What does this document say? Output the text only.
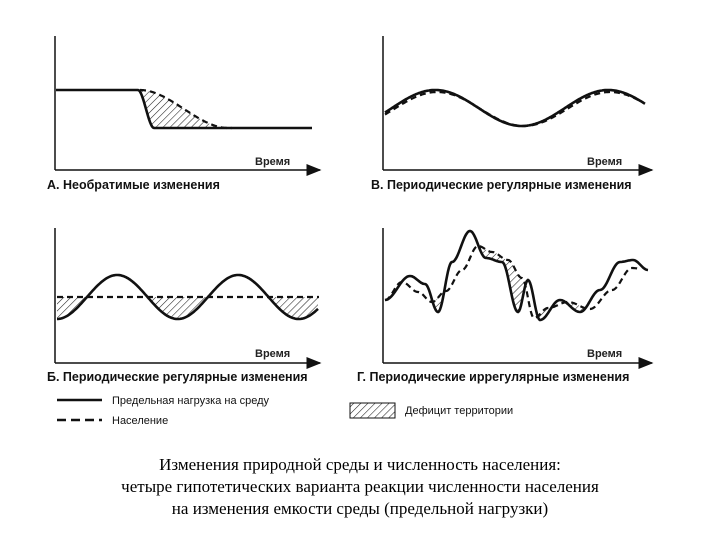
Время
А. Необратимые изменения
Время
В. Периодические регулярные изменения
Время
Б. Периодические регулярные изменения
Время
Г. Периодические иррегулярные изменения
Предельная нагрузка на среду
Население
Дефицит территории
Изменения природной среды и численность населения:
четыре гипотетических варианта реакции численности населения
на изменения емкости среды (предельной нагрузки)
